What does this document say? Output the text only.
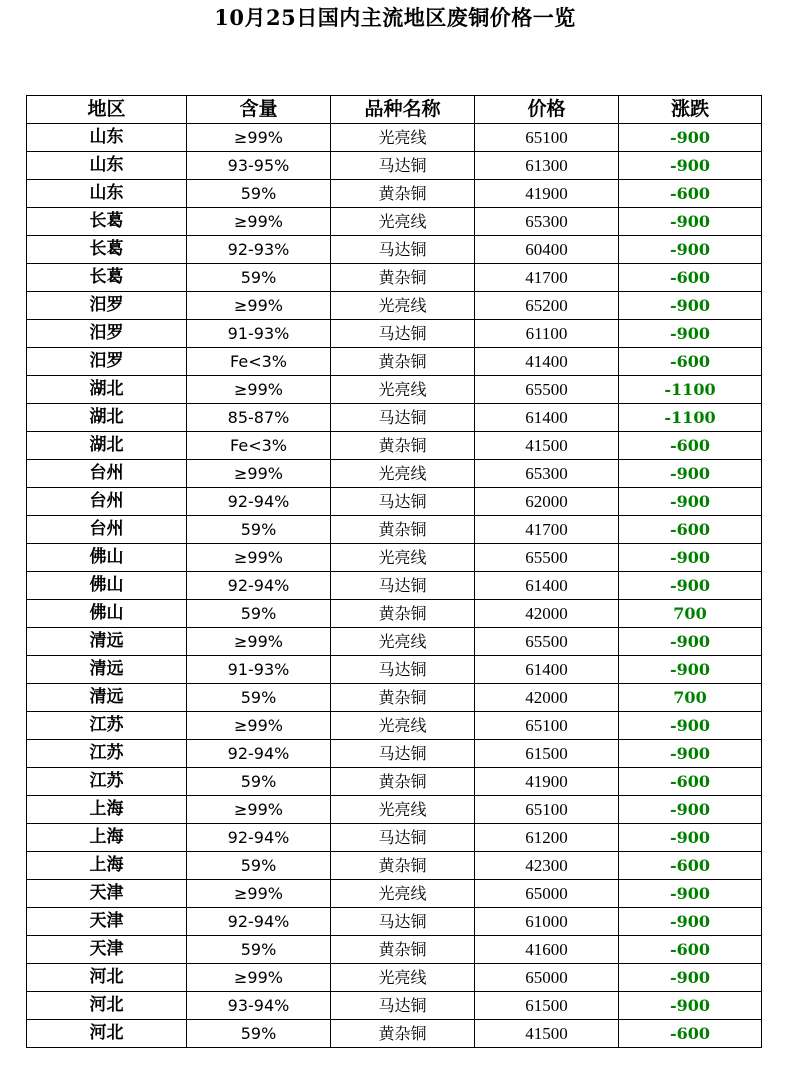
10月25日国内主流地区废铜价格一览
地区	含量	品种名称	价格	涨跌
山东	≥99%	光亮线	65100	-900
山东	93-95%	马达铜	61300	-900
山东	59%	黄杂铜	41900	-600
长葛	≥99%	光亮线	65300	-900
长葛	92-93%	马达铜	60400	-900
长葛	59%	黄杂铜	41700	-600
汨罗	≥99%	光亮线	65200	-900
汨罗	91-93%	马达铜	61100	-900
汨罗	Fe<3%	黄杂铜	41400	-600
湖北	≥99%	光亮线	65500	-1100
湖北	85-87%	马达铜	61400	-1100
湖北	Fe<3%	黄杂铜	41500	-600
台州	≥99%	光亮线	65300	-900
台州	92-94%	马达铜	62000	-900
台州	59%	黄杂铜	41700	-600
佛山	≥99%	光亮线	65500	-900
佛山	92-94%	马达铜	61400	-900
佛山	59%	黄杂铜	42000	700
清远	≥99%	光亮线	65500	-900
清远	91-93%	马达铜	61400	-900
清远	59%	黄杂铜	42000	700
江苏	≥99%	光亮线	65100	-900
江苏	92-94%	马达铜	61500	-900
江苏	59%	黄杂铜	41900	-600
上海	≥99%	光亮线	65100	-900
上海	92-94%	马达铜	61200	-900
上海	59%	黄杂铜	42300	-600
天津	≥99%	光亮线	65000	-900
天津	92-94%	马达铜	61000	-900
天津	59%	黄杂铜	41600	-600
河北	≥99%	光亮线	65000	-900
河北	93-94%	马达铜	61500	-900
河北	59%	黄杂铜	41500	-600
